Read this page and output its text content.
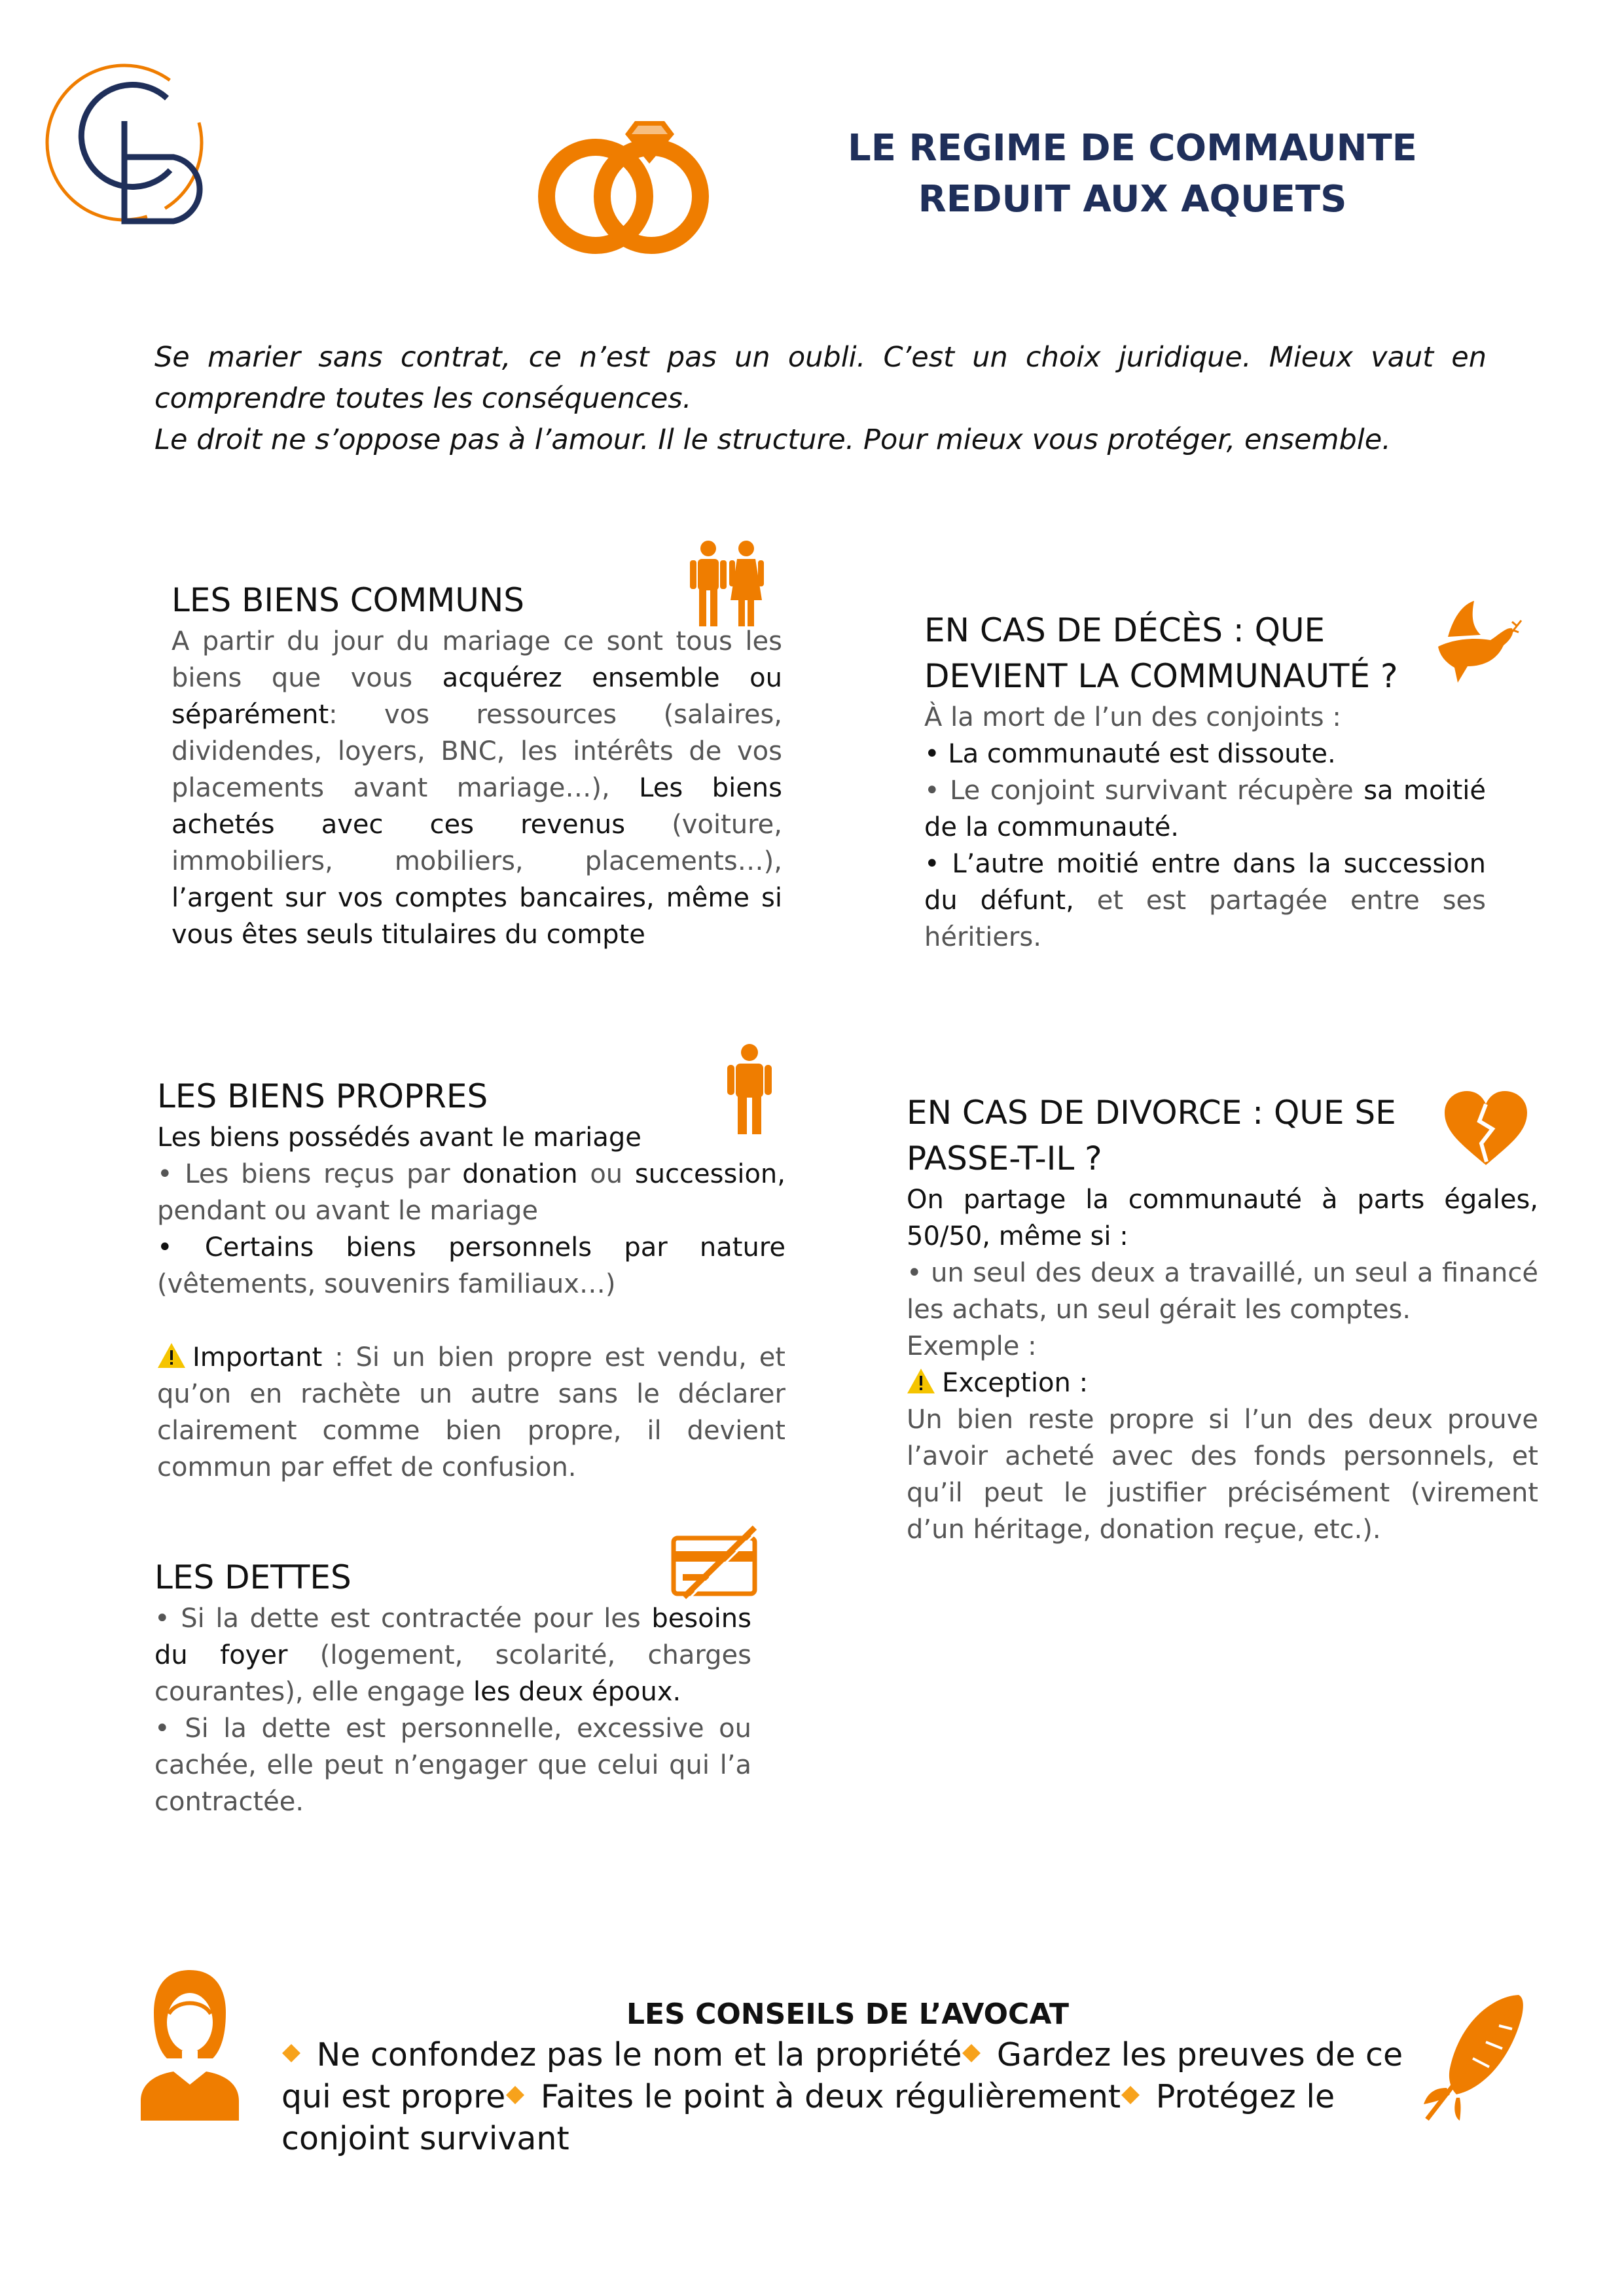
LE REGIME DE COMMAUNTE
REDUIT AUX AQUETS

Se marier sans contrat, ce n’est pas un oubli. C’est un choix juridique. Mieux vaut en comprendre toutes les conséquences.

Le droit ne s’oppose pas à l’amour. Il le structure. Pour mieux vous protéger, ensemble.

LES BIENS COMMUNS

A partir du jour du mariage ce sont tous les biens que vous acquérez ensemble ou séparément: vos ressources (salaires, dividendes, loyers, BNC, les intérêts de vos placements avant mariage…), Les biens achetés avec ces revenus (voiture, immobiliers, mobiliers, placements…), l’argent sur vos comptes bancaires, même si vous êtes seuls titulaires du compte

EN CAS DE DÉCÈS : QUE
DEVIENT LA COMMUNAUTÉ ?

À la mort de l’un des conjoints :
• La communauté est dissoute.
• Le conjoint survivant récupère sa moitié de la communauté.
• L’autre moitié entre dans la succession du défunt, et est partagée entre ses héritiers.

LES BIENS PROPRES

Les biens possédés avant le mariage
• Les biens reçus par donation ou succession, pendant ou avant le mariage
• Certains biens personnels par nature (vêtements, souvenirs familiaux…)

Important : Si un bien propre est vendu, et qu’on en rachète un autre sans le déclarer clairement comme bien propre, il devient commun par effet de confusion.

EN CAS DE DIVORCE : QUE SE
PASSE-T-IL ?

On partage la communauté à parts égales, 50/50, même si :
• un seul des deux a travaillé, un seul a financé les achats, un seul gérait les comptes.
Exemple :
Exception :
Un bien reste propre si l’un des deux prouve l’avoir acheté avec des fonds personnels, et qu’il peut le justifier précisément (virement d’un héritage, donation reçue, etc.).

LES DETTES

• Si la dette est contractée pour les besoins du foyer (logement, scolarité, charges courantes), elle engage les deux époux.
• Si la dette est personnelle, excessive ou cachée, elle peut n’engager que celui qui l’a contractée.

LES CONSEILS DE L’AVOCAT

Ne confondez pas le nom et la propriété Gardez les preuves de ce qui est propre Faites le point à deux régulièrement Protégez le conjoint survivant
